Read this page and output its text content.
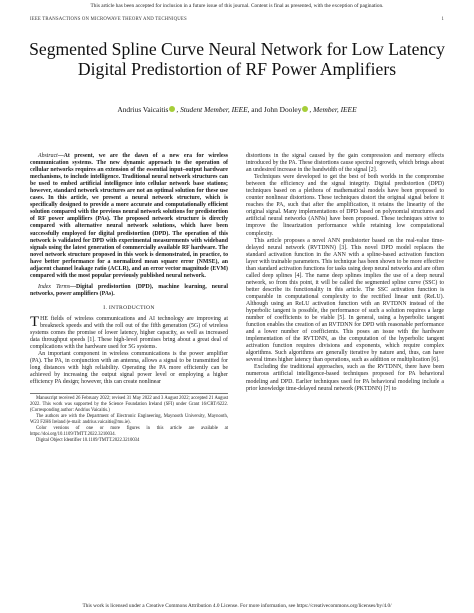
This article has been accepted for inclusion in a future issue of this journal. Content is final as presented, with the exception of pagination.
IEEE TRANSACTIONS ON MICROWAVE THEORY AND TECHNIQUES	1
Segmented Spline Curve Neural Network for Low Latency Digital Predistortion of RF Power Amplifiers
Andrius Vaicaitis , Student Member, IEEE, and John Dooley , Member, IEEE

Abstract—At present, we are the dawn of a new era for wireless communication systems. The new dynamic approach to the operation of cellular networks requires an extension of the essential input–output hardware mechanisms, to include intelligence. Traditional neural network structures can be used to embed artificial intelligence into cellular network base stations; however, standard network structures are not an optimal solution for these use cases. In this article, we present a neural network structure, which is specifically designed to provide a more accurate and computationally efficient solution compared with the previous neural network solutions for predistortion of RF power amplifiers (PAs). The proposed network structure is directly compared with alternative neural network solutions, which have been successfully employed for digital predistortion (DPD). The operation of this network is validated for DPD with experimental measurements with wideband signals using the latest generation of commercially available RF hardware. The novel network structure proposed in this work is demonstrated, in practice, to have better performance for a normalized mean square error (NMSE), an adjacent channel leakage ratio (ACLR), and an error vector magnitude (EVM) compared with the most popular previously published neural network.

Index Terms—Digital predistortion (DPD), machine learning, neural networks, power amplifiers (PAs).

I. INTRODUCTION

THE fields of wireless communications and AI technology are improving at breakneck speeds and with the roll out of the fifth generation (5G) of wireless systems comes the promise of lower latency, higher capacity, as well as increased data throughput speeds [1]. These high-level promises bring about a great deal of complications with the hardware used for 5G systems.

An important component in wireless communications is the power amplifier (PA). The PA, in conjunction with an antenna, allows a signal to be transmitted for long distances with high reliability. Operating the PA more efficiently can be achieved by increasing the output signal power level or employing a higher efficiency PA design; however, this can create nonlinear

Manuscript received 26 February 2022; revised 31 May 2022 and 3 August 2022; accepted 21 August 2022. This work was supported by the Science Foundation Ireland (SFI) under Grant 16/CRT/6222. (Corresponding author: Andrius Vaicaitis.)

The authors are with the Department of Electronic Engineering, Maynooth University, Maynooth, W23 F2H6 Ireland (e-mail: andrius.vaicaitis@mu.ie).

Color versions of one or more figures in this article are available at https://doi.org/10.1109/TMTT.2022.3210034.

Digital Object Identifier 10.1109/TMTT.2022.3210034

distortions in the signal caused by the gain compression and memory effects introduced by the PA. These distortions cause spectral regrowth, which brings about an undesired increase in the bandwidth of the signal [2].

Techniques were developed to get the best of both worlds in the compromise between the efficiency and the signal integrity. Digital predistortion (DPD) techniques based on a plethora of mathematical models have been proposed to counter nonlinear distortions. These techniques distort the original signal before it reaches the PA, such that after the amplification, it retains the linearity of the original signal. Many implementations of DPD based on polynomial structures and artificial neural networks (ANNs) have been proposed. These techniques strive to improve the linearization performance while retaining low computational complexity.

This article proposes a novel ANN predistorter based on the real-value time-delayed neural network (RVTDNN) [3]. This novel DPD model replaces the standard activation function in the ANN with a spline-based activation function layer with trainable parameters. This technique has been shown to be more effective than standard activation functions for tasks using deep neural networks and are often called deep splines [4]. The name deep splines implies the use of a deep neural network, so from this point, it will be called the segmented spline curve (SSC) to better describe its functionality in this article. The SSC activation function is comparable in computational complexity to the rectified linear unit (ReLU). Although using an ReLU activation function with an RVTDNN instead of the hyperbolic tangent is possible, the performance of such a solution requires a large number of coefficients to be viable [5]. In general, using a hyperbolic tangent function enables the creation of an RVTDNN for DPD with reasonable performance and a lower number of coefficients. This poses an issue with the hardware implementation of the RVTDNN, as the computation of the hyperbolic tangent activation function requires divisions and exponents, which require complex algorithms. Such algorithms are generally iterative by nature and, thus, can have several times higher latency than operations, such as addition or multiplication [6].

Excluding the traditional approaches, such as the RVTDNN, there have been numerous artificial intelligence-based techniques proposed for PA behavioral modeling and DPD. Earlier techniques used for PA behavioral modeling include a prior knowledge time-delayed neural network (PKTDNN) [7] to

This work is licensed under a Creative Commons Attribution 4.0 License. For more information, see https://creativecommons.org/licenses/by/4.0/
